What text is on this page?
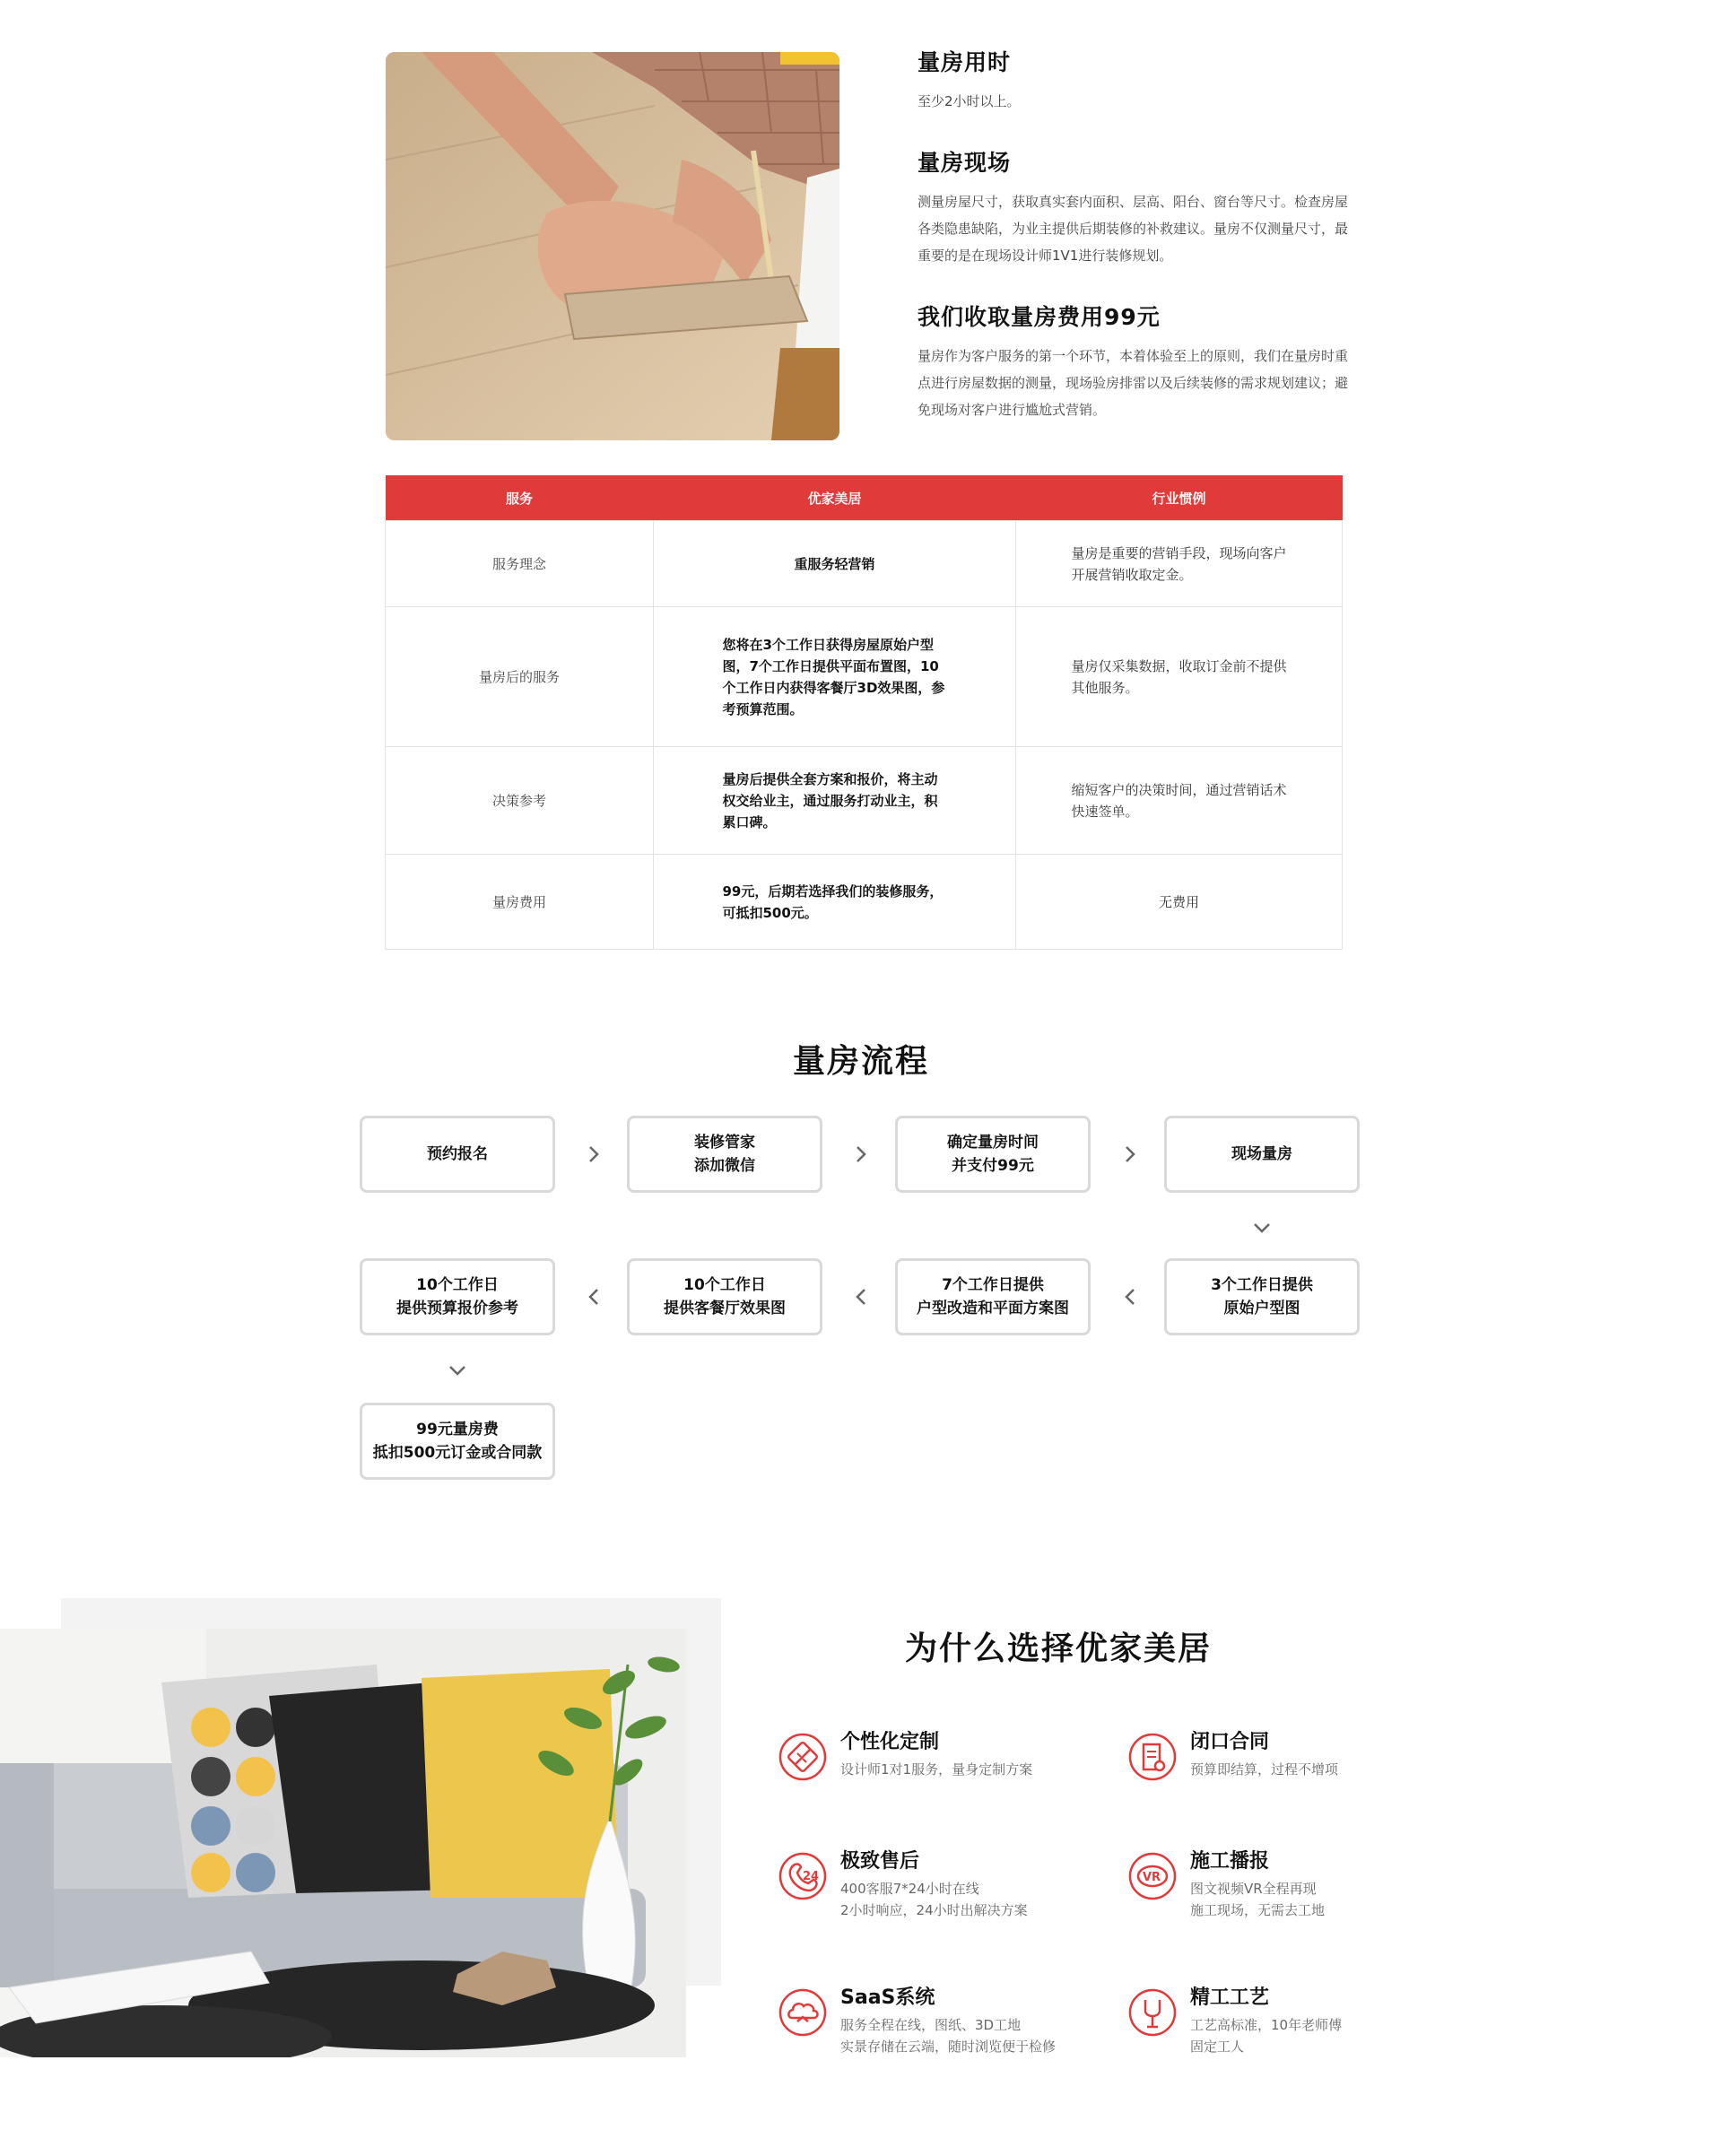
量房用时

至少2小时以上。

量房现场

测量房屋尺寸，获取真实套内面积、层高、阳台、窗台等尺寸。检查房屋各类隐患缺陷，为业主提供后期装修的补救建议。量房不仅测量尺寸，最重要的是在现场设计师1V1进行装修规划。

我们收取量房费用99元

量房作为客户服务的第一个环节，本着体验至上的原则，我们在量房时重点进行房屋数据的测量，现场验房排雷以及后续装修的需求规划建议；避免现场对客户进行尴尬式营销。

服务	优家美居	行业惯例
服务理念	重服务轻营销	量房是重要的营销手段，现场向客户开展营销收取定金。

量房后的服务	您将在3个工作日获得房屋原始户型图，7个工作日提供平面布置图，10个工作日内获得客餐厅3D效果图，参考预算范围。	量房仅采集数据，收取订金前不提供其他服务。

决策参考	量房后提供全套方案和报价，将主动权交给业主，通过服务打动业主，积累口碑。	缩短客户的决策时间，通过营销话术快速签单。

量房费用	99元，后期若选择我们的装修服务，可抵扣500元。	无费用
量房流程
预约报名
装修管家
添加微信
确定量房时间
并支付99元
现场量房
3个工作日提供
原始户型图
7个工作日提供
户型改造和平面方案图
10个工作日
提供客餐厅效果图
10个工作日
提供预算报价参考
99元量房费
抵扣500元订金或合同款
为什么选择优家美居
个性化定制
设计师1对1服务，量身定制方案
闭口合同
预算即结算，过程不增项
24
极致售后
400客服7*24小时在线
2小时响应，24小时出解决方案
VR
施工播报
图文视频VR全程再现
施工现场，无需去工地
SaaS系统
服务全程在线，图纸、3D工地
实景存储在云端，随时浏览便于检修
精工工艺
工艺高标准，10年老师傅
固定工人
